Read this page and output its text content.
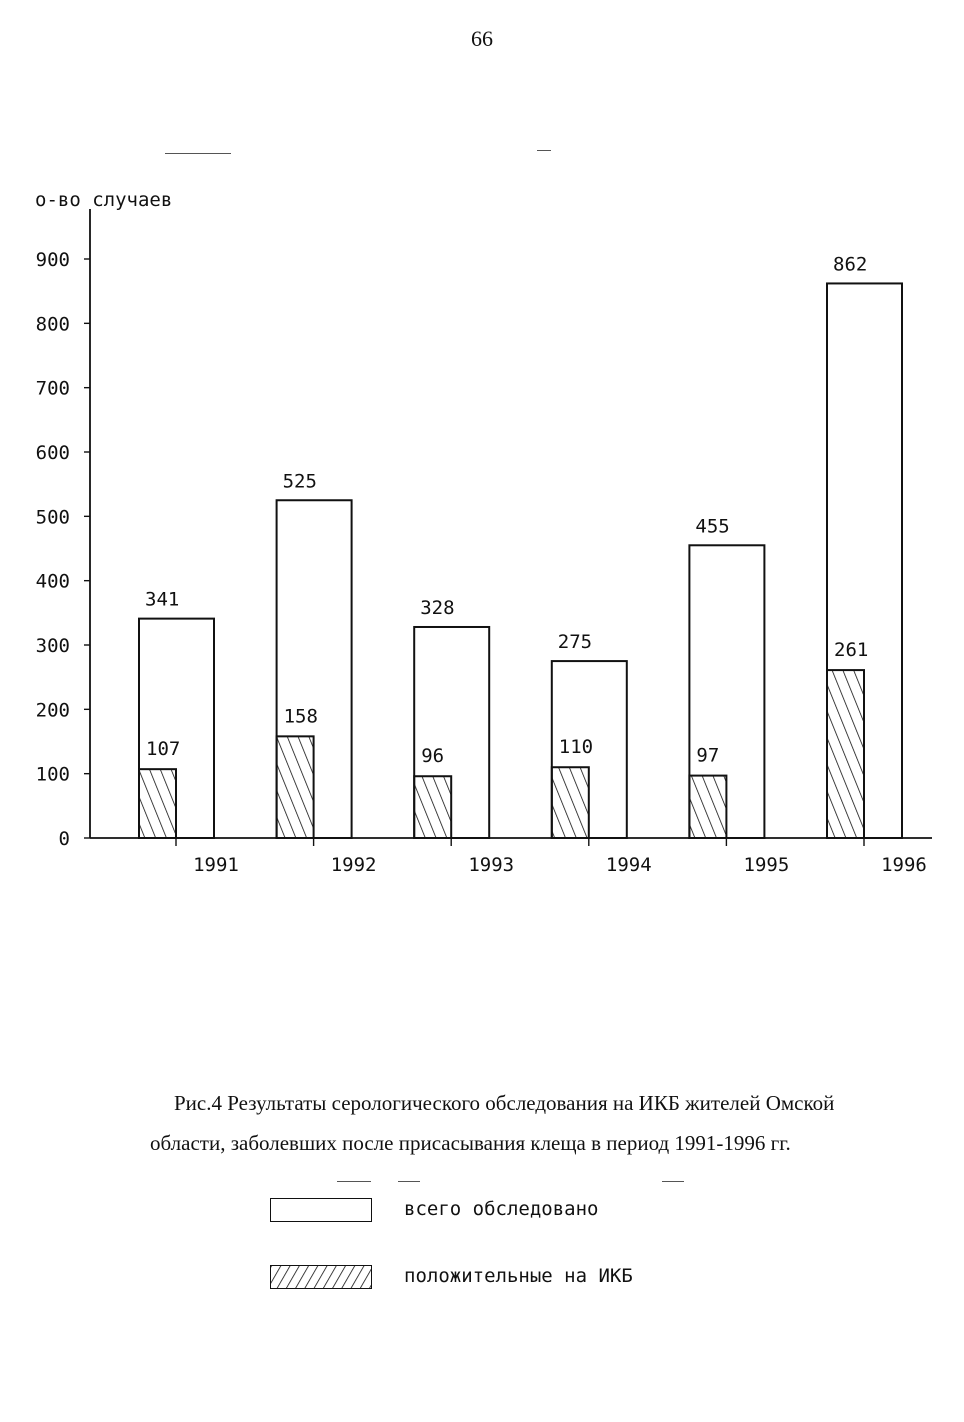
66
о-во случаев
0
100
200
300
400
500
600
700
800
900
341
525
328
275
455
862
107
158
96	110	97
261
1991	1992	1993	1994	1995	1996
Рис.4 Результаты серологического обследования на ИКБ жителей Омской
области, заболевших после присасывания клеща в период 1991-1996 гг.
всего обследовано
положительные на ИКБ
